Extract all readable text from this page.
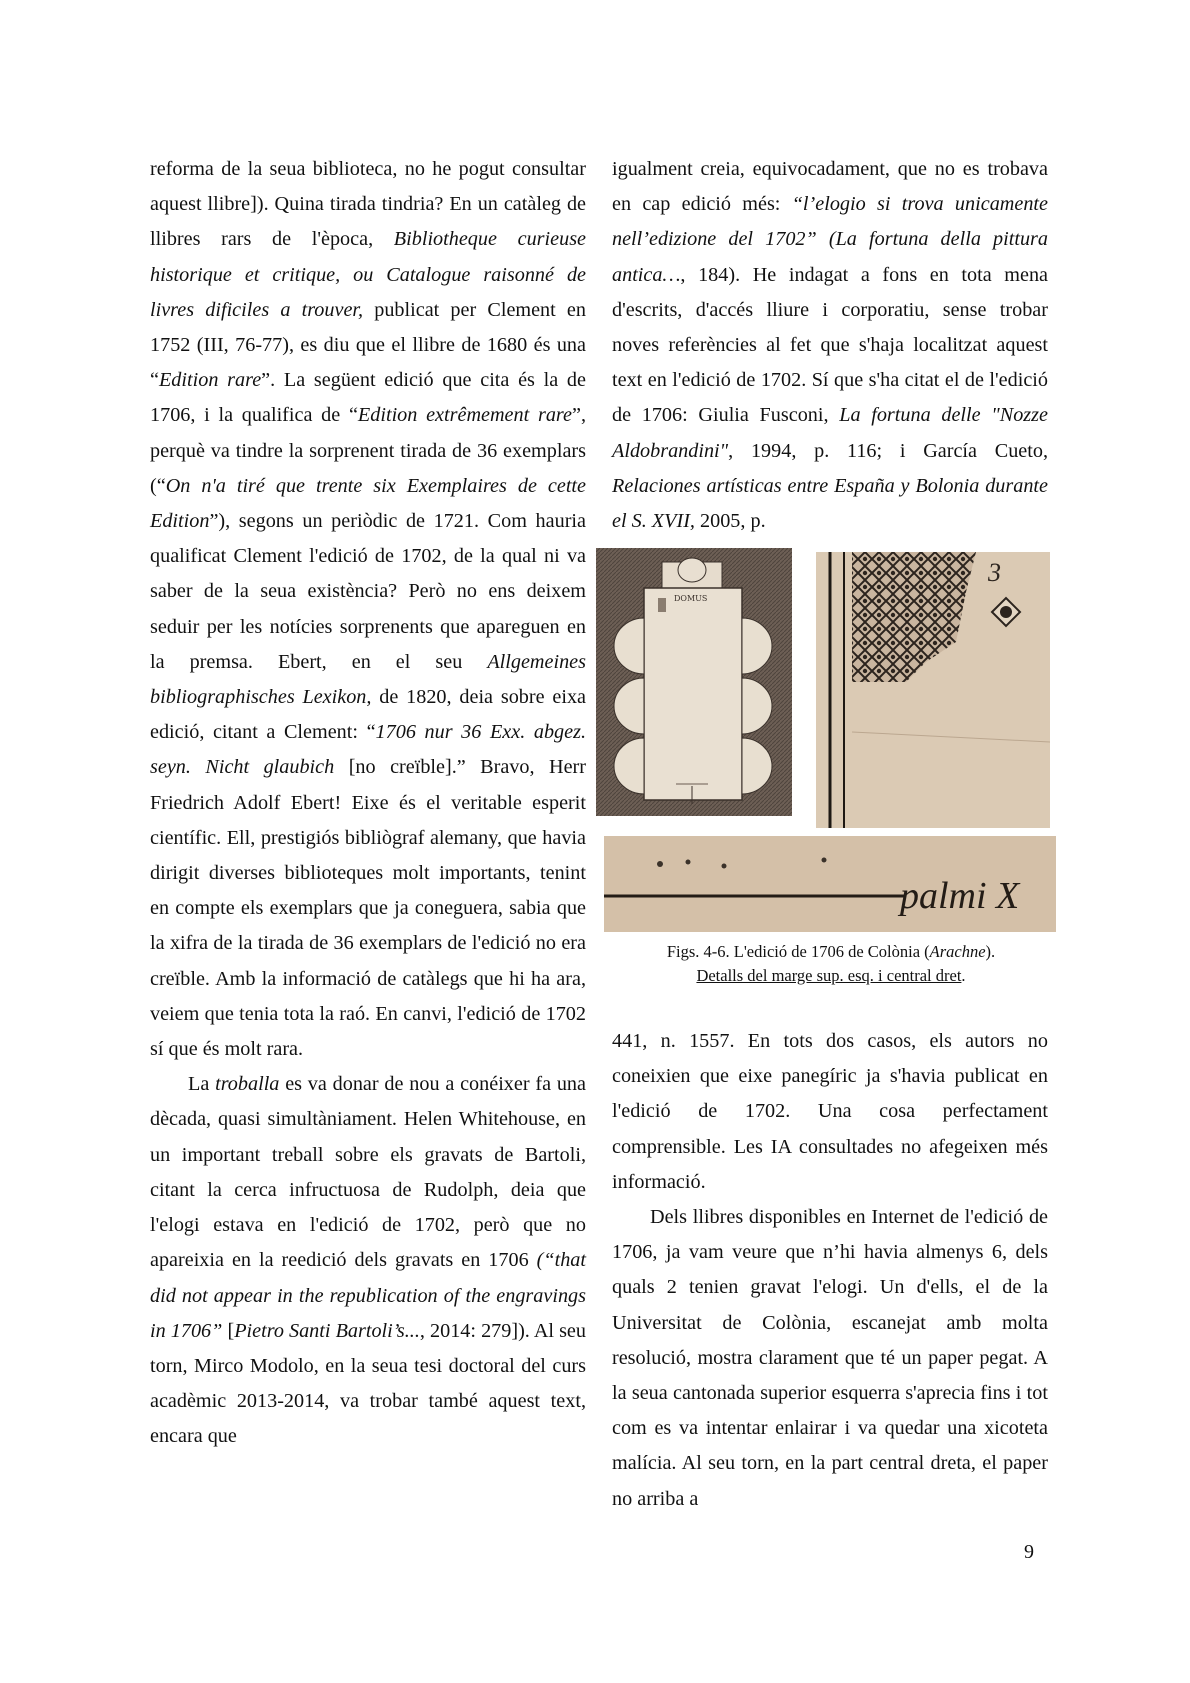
reforma de la seua biblioteca, no he pogut consultar aquest llibre]). Quina tirada tindria? En un catàleg de llibres rars de l'època, Bibliotheque curieuse historique et critique, ou Catalogue raisonné de livres dificiles a trouver, publicat per Clement en 1752 (III, 76-77), es diu que el llibre de 1680 és una “Edition rare”. La següent edició que cita és la de 1706, i la qualifica de “Edition extrêmement rare”, perquè va tindre la sorprenent tirada de 36 exemplars (“On n'a tiré que trente six Exemplaires de cette Edition”), segons un periòdic de 1721. Com hauria qualificat Clement l'edició de 1702, de la qual ni va saber de la seua existència? Però no ens deixem seduir per les notícies sorprenents que apareguen en la premsa. Ebert, en el seu Allgemeines bibliographisches Lexikon, de 1820, deia sobre eixa edició, citant a Clement: “1706 nur 36 Exx. abgez. seyn. Nicht glaubich [no creïble].” Bravo, Herr Friedrich Adolf Ebert! Eixe és el veritable esperit científic. Ell, prestigiós bibliògraf alemany, que havia dirigit diverses biblioteques molt importants, tenint en compte els exemplars que ja coneguera, sabia que la xifra de la tirada de 36 exemplars de l'edició no era creïble. Amb la informació de catàlegs que hi ha ara, veiem que tenia tota la raó. En canvi, l'edició de 1702 sí que és molt rara.

La troballa es va donar de nou a conéixer fa una dècada, quasi simultàniament. Helen Whitehouse, en un important treball sobre els gravats de Bartoli, citant la cerca infructuosa de Rudolph, deia que l'elogi estava en l'edició de 1702, però que no apareixia en la reedició dels gravats en 1706 (“that did not appear in the republication of the engravings in 1706” [Pietro Santi Bartoli’s..., 2014: 279]). Al seu torn, Mirco Modolo, en la seua tesi doctoral del curs acadèmic 2013-2014, va trobar també aquest text, encara que

igualment creia, equivocadament, que no es trobava en cap edició més: “l’elogio si trova unicamente nell’edizione del 1702” (La fortuna della pittura antica…, 184). He indagat a fons en tota mena d'escrits, d'accés lliure i corporatiu, sense trobar noves referències al fet que s'haja localitzat aquest text en l'edició de 1702. Sí que s'ha citat el de l'edició de 1706: Giulia Fusconi, La fortuna delle "Nozze Aldobrandini", 1994, p. 116; i García Cueto, Relaciones artísticas entre España y Bolonia durante el S. XVII, 2005, p.

DOMUS
3
palmi X
Figs. 4-6. L'edició de 1706 de Colònia (Arachne).
Detalls del marge sup. esq. i central dret.

441, n. 1557. En tots dos casos, els autors no coneixien que eixe panegíric ja s'havia publicat en l'edició de 1702. Una cosa perfectament comprensible. Les IA consultades no afegeixen més informació.

Dels llibres disponibles en Internet de l'edició de 1706, ja vam veure que n’hi havia almenys 6, dels quals 2 tenien gravat l'elogi. Un d'ells, el de la Universitat de Colònia, escanejat amb molta resolució, mostra clarament que té un paper pegat. A la seua cantonada superior esquerra s'aprecia fins i tot com es va intentar enlairar i va quedar una xicoteta malícia. Al seu torn, en la part central dreta, el paper no arriba a

9
